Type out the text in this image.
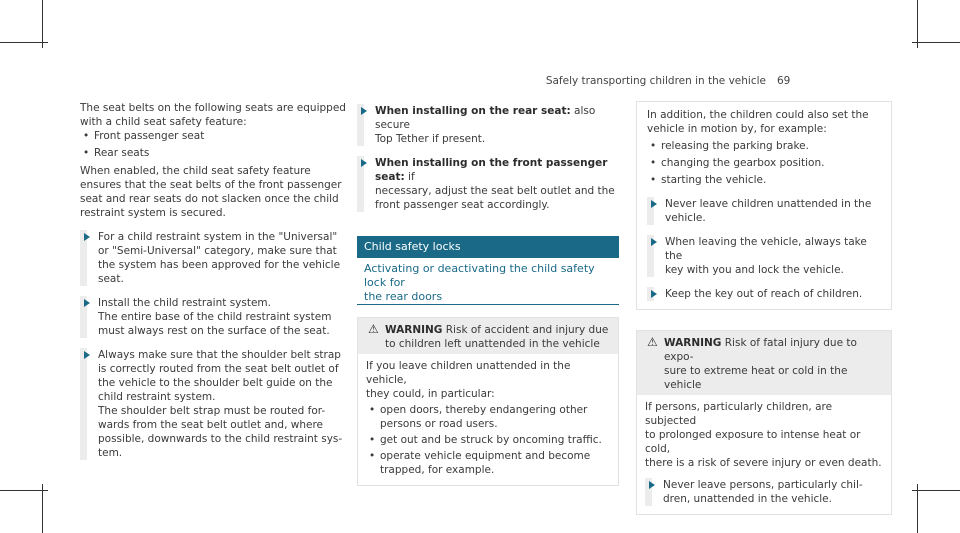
Safely transporting children in the vehicle 69

The seat belts on the following seats are equipped

with a child seat safety feature:

• Front passenger seat

• Rear seats

When enabled, the child seat safety feature

ensures that the seat belts of the front passenger

seat and rear seats do not slacken once the child

restraint system is secured.

For a child restraint system in the "Universal"

or "Semi-Universal" category, make sure that

the system has been approved for the vehicle

seat.

Install the child restraint system.

The entire base of the child restraint system

must always rest on the surface of the seat.

Always make sure that the shoulder belt strap

is correctly routed from the seat belt outlet of

the vehicle to the shoulder belt guide on the

child restraint system.

The shoulder belt strap must be routed for-

wards from the seat belt outlet and, where

possible, downwards to the child restraint sys-

tem.

When installing on the rear seat: also secure

Top Tether if present.

When installing on the front passenger seat: if

necessary, adjust the seat belt outlet and the

front passenger seat accordingly.

Child safety locks

Activating or deactivating the child safety lock for

the rear doors

⚠ WARNING Risk of accident and injury due

to children left unattended in the vehicle

If you leave children unattended in the vehicle,

they could, in particular:

• open doors, thereby endangering other

persons or road users.

• get out and be struck by oncoming traffic.

• operate vehicle equipment and become

trapped, for example.

In addition, the children could also set the

vehicle in motion by, for example:

• releasing the parking brake.

• changing the gearbox position.

• starting the vehicle.

Never leave children unattended in the

vehicle.

When leaving the vehicle, always take the

key with you and lock the vehicle.

Keep the key out of reach of children.

⚠ WARNING Risk of fatal injury due to expo-

sure to extreme heat or cold in the vehicle

If persons, particularly children, are subjected

to prolonged exposure to intense heat or cold,

there is a risk of severe injury or even death.

Never leave persons, particularly chil-

dren, unattended in the vehicle.
